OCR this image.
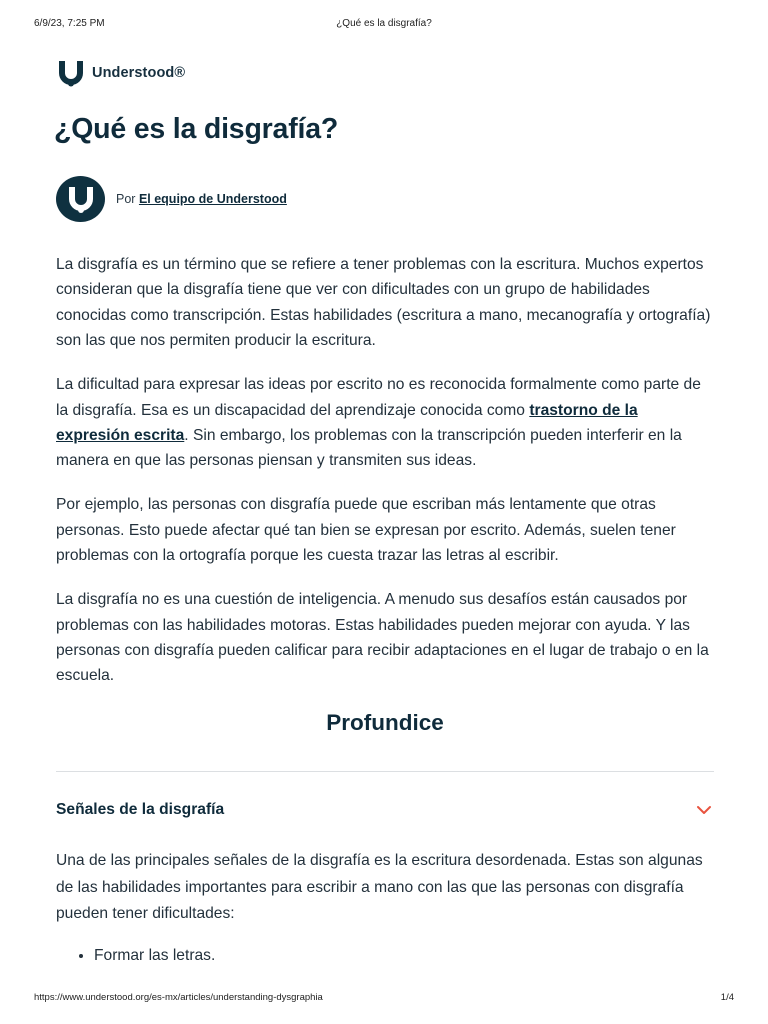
6/9/23, 7:25 PM	¿Qué es la disgrafía?
Understood®
¿Qué es la disgrafía?
Por El equipo de Understood

La disgrafía es un término que se refiere a tener problemas con la escritura. Muchos expertos consideran que la disgrafía tiene que ver con dificultades con un grupo de habilidades conocidas como transcripción. Estas habilidades (escritura a mano, mecanografía y ortografía) son las que nos permiten producir la escritura.

La dificultad para expresar las ideas por escrito no es reconocida formalmente como parte de la disgrafía. Esa es un discapacidad del aprendizaje conocida como trastorno de la expresión escrita. Sin embargo, los problemas con la transcripción pueden interferir en la manera en que las personas piensan y transmiten sus ideas.

Por ejemplo, las personas con disgrafía puede que escriban más lentamente que otras personas. Esto puede afectar qué tan bien se expresan por escrito. Además, suelen tener problemas con la ortografía porque les cuesta trazar las letras al escribir.

La disgrafía no es una cuestión de inteligencia. A menudo sus desafíos están causados por problemas con las habilidades motoras. Estas habilidades pueden mejorar con ayuda. Y las personas con disgrafía pueden calificar para recibir adaptaciones en el lugar de trabajo o en la escuela.

Profundice
Señales de la disgrafía

Una de las principales señales de la disgrafía es la escritura desordenada. Estas son algunas de las habilidades importantes para escribir a mano con las que las personas con disgrafía pueden tener dificultades:

• Formar las letras.
https://www.understood.org/es-mx/articles/understanding-dysgraphia	1/4
